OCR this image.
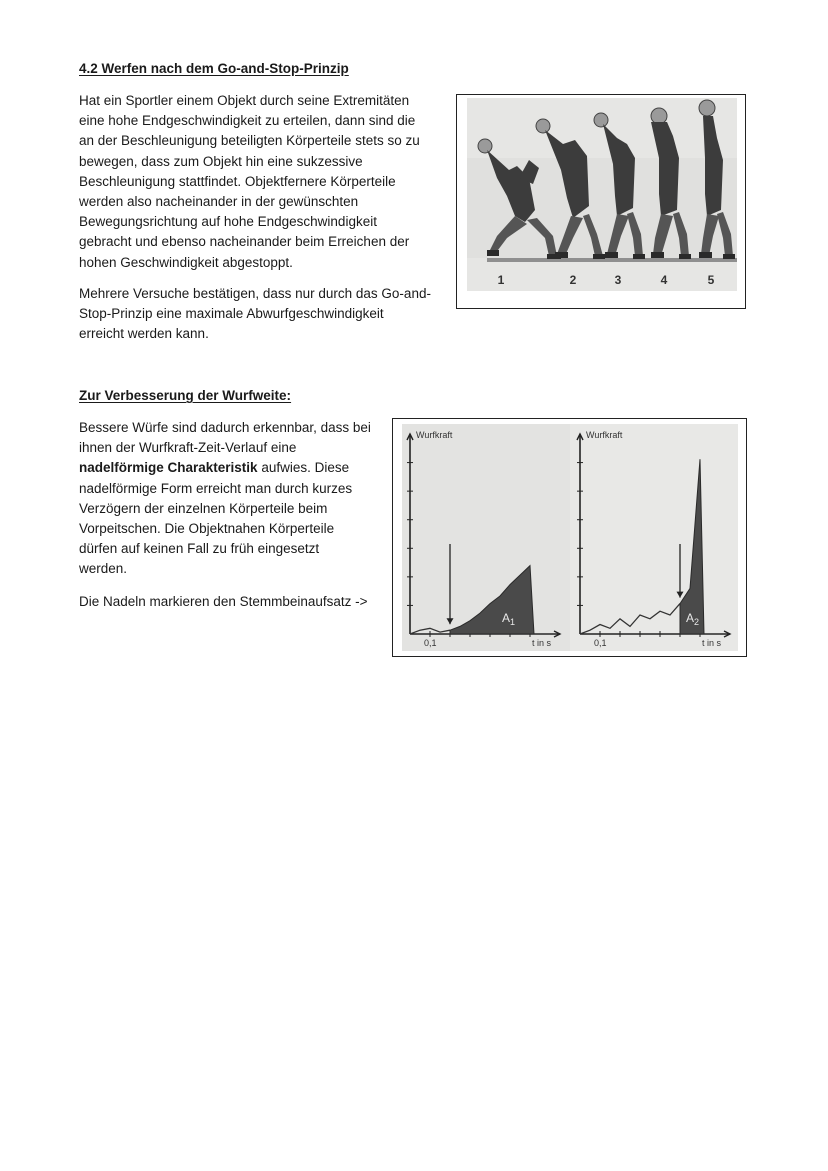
4.2 Werfen nach dem Go-and-Stop-Prinzip

Hat ein Sportler einem Objekt durch seine Extremitäten
eine hohe Endgeschwindigkeit zu erteilen, dann sind die
an der Beschleunigung beteiligten Körperteile stets so zu
bewegen, dass zum Objekt hin eine sukzessive
Beschleunigung stattfindet. Objektfernere Körperteile
werden also nacheinander in der gewünschten
Bewegungsrichtung auf hohe Endgeschwindigkeit
gebracht und ebenso nacheinander beim Erreichen der
hohen Geschwindigkeit abgestoppt.

Mehrere Versuche bestätigen, dass nur durch das Go-and-
Stop-Prinzip eine maximale Abwurfgeschwindigkeit
erreicht werden kann.

1	2	3	4	5
Zur Verbesserung der Wurfweite:

Bessere Würfe sind dadurch erkennbar, dass bei
ihnen der Wurfkraft-Zeit-Verlauf eine
nadelförmige Charakteristik aufwies. Diese
nadelförmige Form erreicht man durch kurzes
Verzögern der einzelnen Körperteile beim
Vorpeitschen. Die Objektnahen Körperteile
dürfen auf keinen Fall zu früh eingesetzt
werden.

Die Nadeln markieren den Stemmbeinaufsatz ->

$A_1$
Wurfkraft
0,1	t in s
$A_2$
Wurfkraft
0,1	t in s
